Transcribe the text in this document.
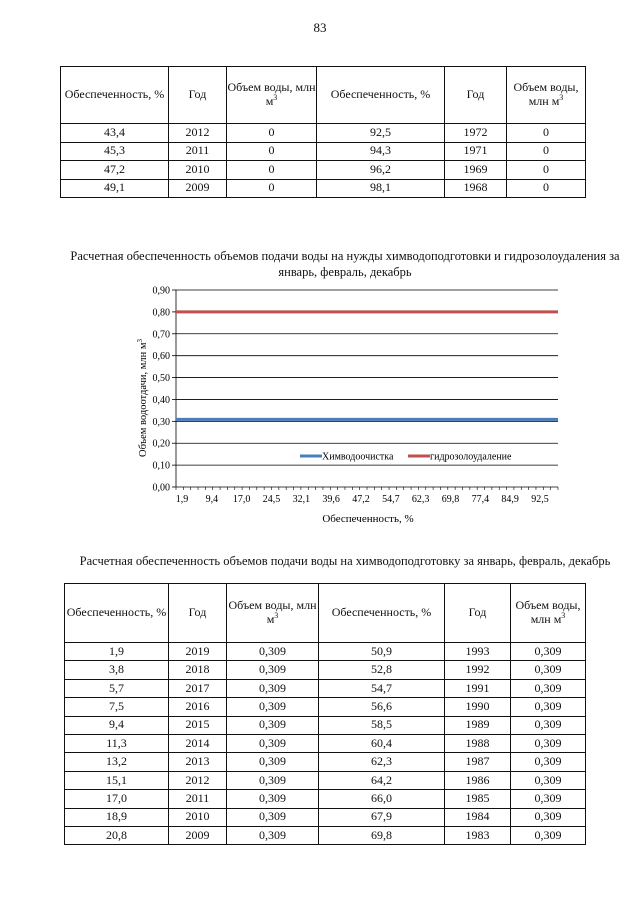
83
Обеспеченность, %	Год	Объем воды, млн $м^3$	Обеспеченность, %	Год	Объем воды, млн $м^3$
43,4	2012	0	92,5	1972	0
45,3	2011	0	94,3	1971	0
47,2	2010	0	96,2	1969	0
49,1	2009	0	98,1	1968	0
Расчетная обеспеченность объемов подачи воды на нужды химводоподготовки и гидрозолоудаления за январь, февраль, декабрь
0,00
0,10
0,20
0,30
0,40
0,50
0,60
0,70
0,80
0,90
1,9 9,4 17,0 24,5 32,1 39,6 47,2 54,7 62,3 69,8 77,4 84,9 92,5
Химводоочистка	гидрозолоудаление
Объем водоотдачи, млн $м^3$
Обеспеченность, %
Расчетная обеспеченность объемов подачи воды на химводоподготовку за январь, февраль, декабрь
Обеспеченность, %	Год	Объем воды, млн $м^3$	Обеспеченность, %	Год	Объем воды, млн $м^3$
1,9	2019	0,309	50,9	1993	0,309
3,8	2018	0,309	52,8	1992	0,309
5,7	2017	0,309	54,7	1991	0,309
7,5	2016	0,309	56,6	1990	0,309
9,4	2015	0,309	58,5	1989	0,309
11,3	2014	0,309	60,4	1988	0,309
13,2	2013	0,309	62,3	1987	0,309
15,1	2012	0,309	64,2	1986	0,309
17,0	2011	0,309	66,0	1985	0,309
18,9	2010	0,309	67,9	1984	0,309
20,8	2009	0,309	69,8	1983	0,309
